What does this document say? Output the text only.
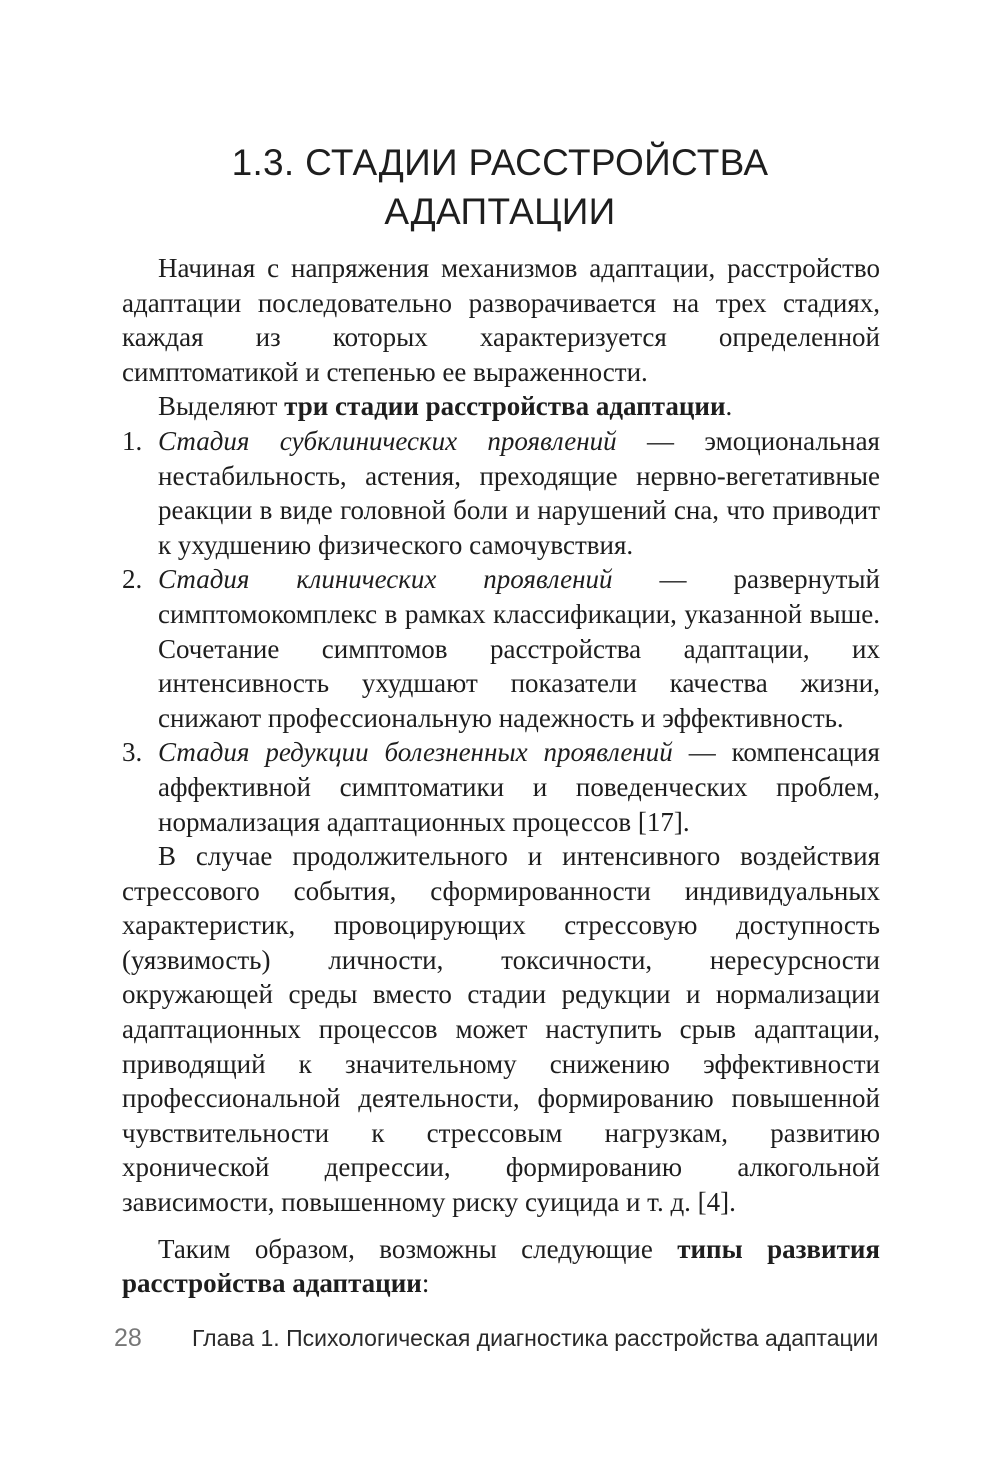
1.3. СТАДИИ РАССТРОЙСТВА
АДАПТАЦИИ

Начиная с напряжения механизмов адаптации, расстройство адаптации последовательно разворачивается на трех стадиях, каждая из которых характеризуется определенной симптоматикой и степенью ее выраженности.

Выделяют три стадии расстройства адаптации.

1. Стадия субклинических проявлений — эмоциональная нестабильность, астения, преходящие нервно-вегетативные реакции в виде головной боли и нарушений сна, что приводит к ухудшению физического самочувствия.
2. Стадия клинических проявлений — развернутый симптомокомплекс в рамках классификации, указанной выше. Сочетание симптомов расстройства адаптации, их интенсивность ухудшают показатели качества жизни, снижают профессиональную надежность и эффективность.
3. Стадия редукции болезненных проявлений — компенсация аффективной симптоматики и поведенческих проблем, нормализация адаптационных процессов [17].

В случае продолжительного и интенсивного воздействия стрессового события, сформированности индивидуальных характеристик, провоцирующих стрессовую доступность (уязвимость) личности, токсичности, нересурсности окружающей среды вместо стадии редукции и нормализации адаптационных процессов может наступить срыв адаптации, приводящий к значительному снижению эффективности профессиональной деятельности, формированию повышенной чувствительности к стрессовым нагрузкам, развитию хронической депрессии, формированию алкогольной зависимости, повышенному риску суицида и т. д. [4].

Таким образом, возможны следующие типы развития расстройства адаптации:

28 Глава 1. Психологическая диагностика расстройства адаптации
